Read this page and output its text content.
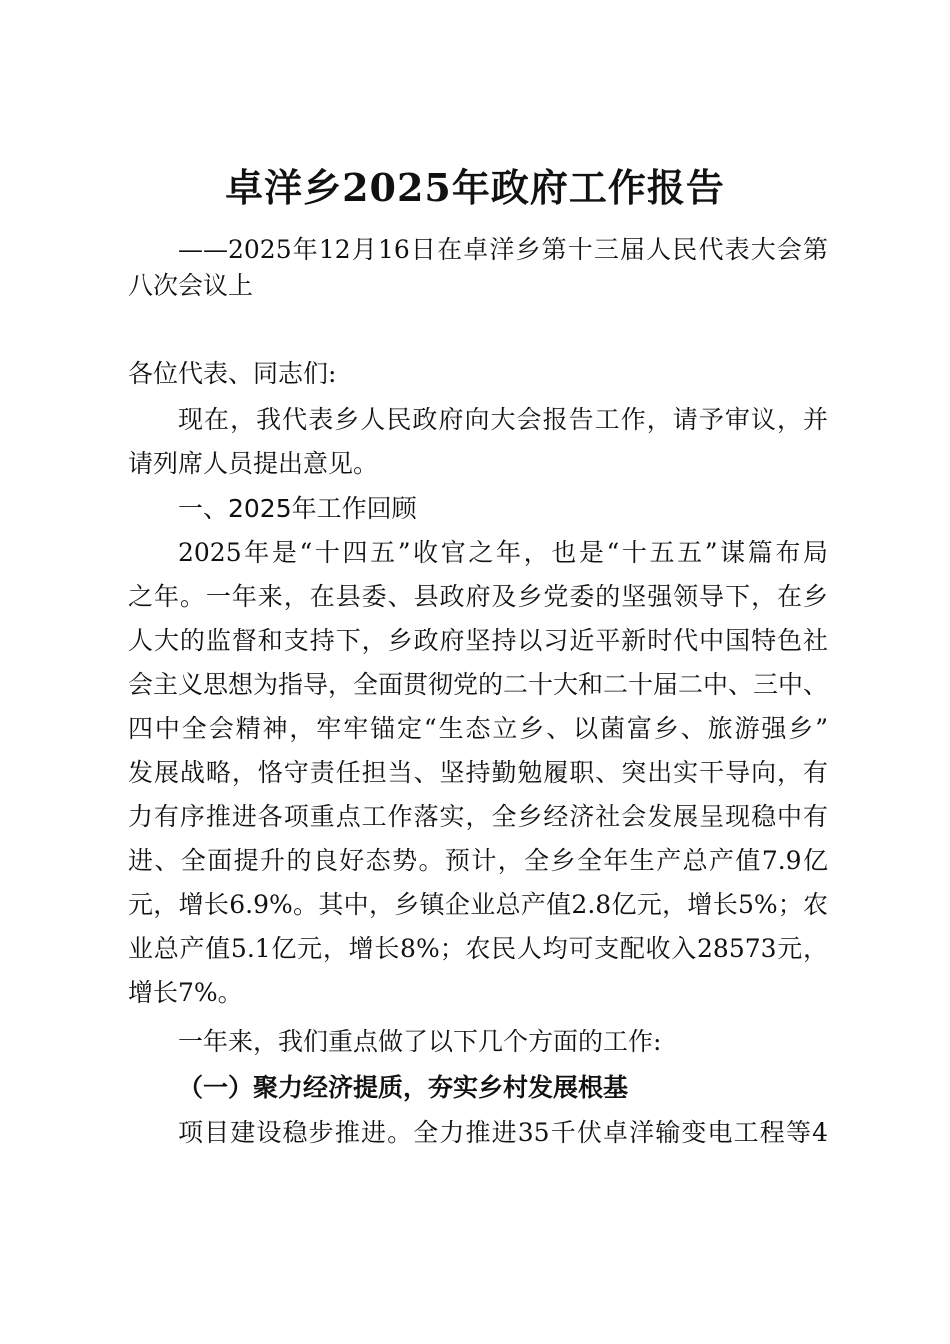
卓洋乡2025年政府工作报告
——2025年12月16日在卓洋乡第十三届人民代表大会第
八次会议上
各位代表、同志们:
现在，我代表乡人民政府向大会报告工作，请予审议，并
请列席人员提出意见。
一、2025年工作回顾
2025年是“十四五”收官之年，也是“十五五”谋篇布局
之年。一年来，在县委、县政府及乡党委的坚强领导下，在乡
人大的监督和支持下，乡政府坚持以习近平新时代中国特色社
会主义思想为指导，全面贯彻党的二十大和二十届二中、三中、
四中全会精神，牢牢锚定“生态立乡、以菌富乡、旅游强乡”
发展战略，恪守责任担当、坚持勤勉履职、突出实干导向，有
力有序推进各项重点工作落实，全乡经济社会发展呈现稳中有
进、全面提升的良好态势。预计，全乡全年生产总产值7.9亿
元，增长6.9%。其中，乡镇企业总产值2.8亿元，增长5%；农
业总产值5.1亿元，增长8%；农民人均可支配收入28573元，
增长7%。
一年来，我们重点做了以下几个方面的工作:
（一）聚力经济提质，夯实乡村发展根基
项目建设稳步推进。全力推进35千伏卓洋输变电工程等4
